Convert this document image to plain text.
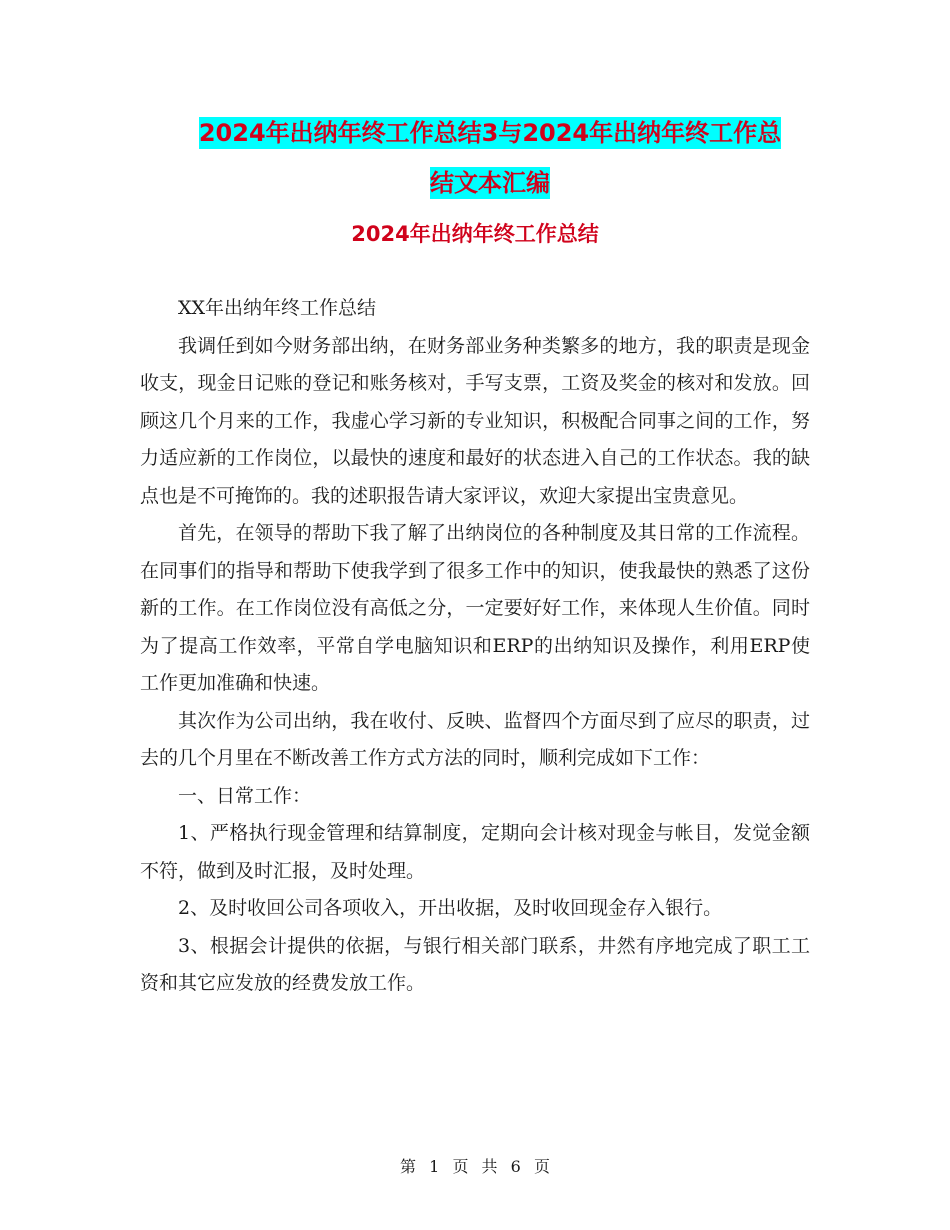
2024年出纳年终工作总结3与2024年出纳年终工作总
结文本汇编
2024年出纳年终工作总结

XX年出纳年终工作总结

我调任到如今财务部出纳，在财务部业务种类繁多的地方，我的职责是现金收支，现金日记账的登记和账务核对，手写支票，工资及奖金的核对和发放。回顾这几个月来的工作，我虚心学习新的专业知识，积极配合同事之间的工作，努力适应新的工作岗位，以最快的速度和最好的状态进入自己的工作状态。我的缺点也是不可掩饰的。我的述职报告请大家评议，欢迎大家提出宝贵意见。

首先，在领导的帮助下我了解了出纳岗位的各种制度及其日常的工作流程。在同事们的指导和帮助下使我学到了很多工作中的知识，使我最快的熟悉了这份新的工作。在工作岗位没有高低之分，一定要好好工作，来体现人生价值。同时为了提高工作效率，平常自学电脑知识和ERP的出纳知识及操作，利用ERP使工作更加准确和快速。

其次作为公司出纳，我在收付、反映、监督四个方面尽到了应尽的职责，过去的几个月里在不断改善工作方式方法的同时，顺利完成如下工作：

一、日常工作：

1、严格执行现金管理和结算制度，定期向会计核对现金与帐目，发觉金额不符，做到及时汇报，及时处理。

2、及时收回公司各项收入，开出收据，及时收回现金存入银行。

3、根据会计提供的依据，与银行相关部门联系，井然有序地完成了职工工资和其它应发放的经费发放工作。

第 1 页 共 6 页
